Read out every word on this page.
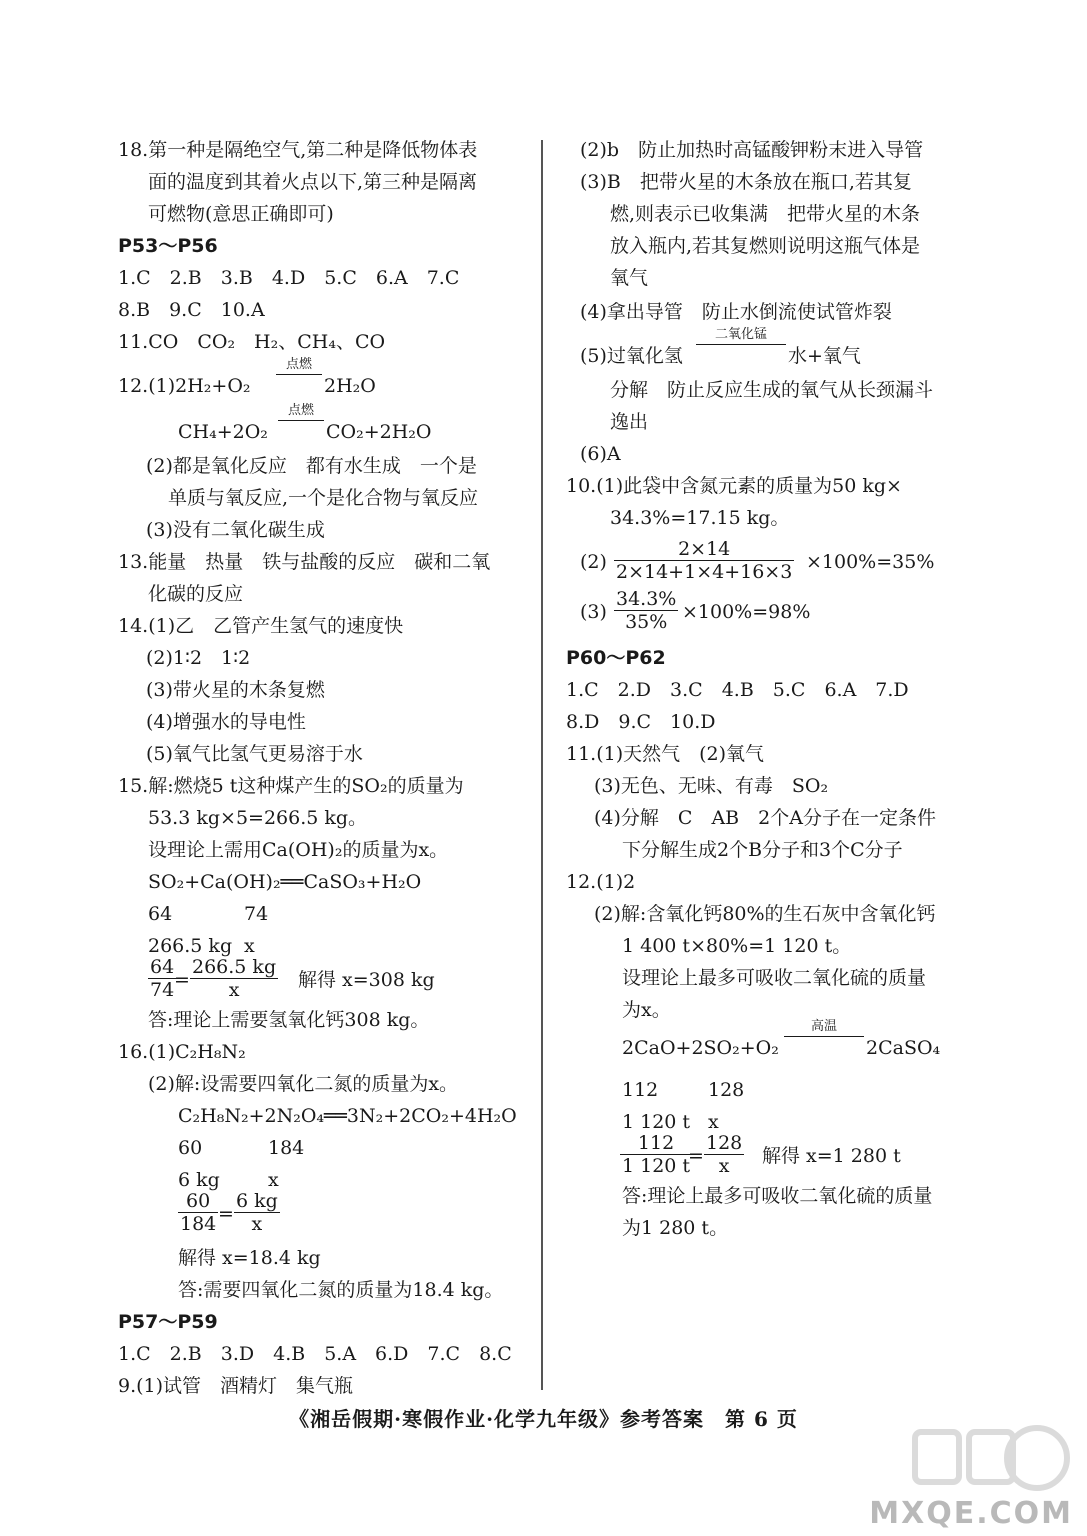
18.第一种是隔绝空气,第二种是降低物体表
面的温度到其着火点以下,第三种是隔离
可燃物(意思正确即可)
P53～P56
1.C　2.B　3.B　4.D　5.C　6.A　7.C
8.B　9.C　10.A
11.CO　CO₂　H₂、CH₄、CO
12.(1)2H₂+O₂
点燃
2H₂O
CH₄+2O₂
点燃
CO₂+2H₂O
(2)都是氧化反应　都有水生成　一个是
单质与氧反应,一个是化合物与氧反应
(3)没有二氧化碳生成
13.能量　热量　铁与盐酸的反应　碳和二氧
化碳的反应
14.(1)乙　乙管产生氢气的速度快
(2)1∶2　1∶2
(3)带火星的木条复燃
(4)增强水的导电性
(5)氧气比氢气更易溶于水
15.解:燃烧5 t这种煤产生的SO₂的质量为
53.3 kg×5=266.5 kg。
设理论上需用Ca(OH)₂的质量为x。
SO₂+Ca(OH)₂══CaSO₃+H₂O
64	74
266.5 kg x
$\frac{64}{74}$
= $\frac{266.5 kg}{x}$ 解得 x=308 kg
答:理论上需要氢氧化钙308 kg。
16.(1)C₂H₈N₂
(2)解:设需要四氧化二氮的质量为x。
C₂H₈N₂+2N₂O₄══3N₂+2CO₂+4H₂O
60	184
6 kg	x
$\frac{60}{184} = \frac{6 kg}{x}$
解得 x=18.4 kg
答:需要四氧化二氮的质量为18.4 kg。
P57～P59
1.C　2.B　3.D　4.B　5.A　6.D　7.C　8.C
9.(1)试管　酒精灯　集气瓶
(2)b　防止加热时高锰酸钾粉末进入导管
(3)B　把带火星的木条放在瓶口,若其复
燃,则表示已收集满　把带火星的木条
放入瓶内,若其复燃则说明这瓶气体是
氧气
(4)拿出导管　防止水倒流使试管炸裂
(5)过氧化氢
二氧化锰
水+氧气
分解　防止反应生成的氧气从长颈漏斗
逸出
(6)A
10.(1)此袋中含氮元素的质量为50 kg×
34.3%=17.15 kg。
$(2) \frac{2\times 14}{2\times 14+1\times 4+16\times 3} \times 100\%=35\%$
$(3) \frac{34.3\%}{35\%} \times 100\%=98\%$
P60～P62
1.C　2.D　3.C　4.B　5.C　6.A　7.D
8.D　9.C　10.D
11.(1)天然气　(2)氧气
(3)无色、无味、有毒　SO₂
(4)分解　C　AB　2个A分子在一定条件
下分解生成2个B分子和3个C分子
12.(1)2
(2)解:含氧化钙80%的生石灰中含氧化钙
1 400 t×80%=1 120 t。
设理论上最多可吸收二氧化硫的质量
为x。
2CaO+2SO₂+O₂
高温
2CaSO₄
112	128
1 120 t x
$\frac{112}{1 120 t}$
= $\frac{128}{x}$ 解得 x=1 280 t
答:理论上最多可吸收二氧化硫的质量
为1 280 t。
《湘岳假期·寒假作业·化学九年级》参考答案　第 6 页
MXQE.COM
